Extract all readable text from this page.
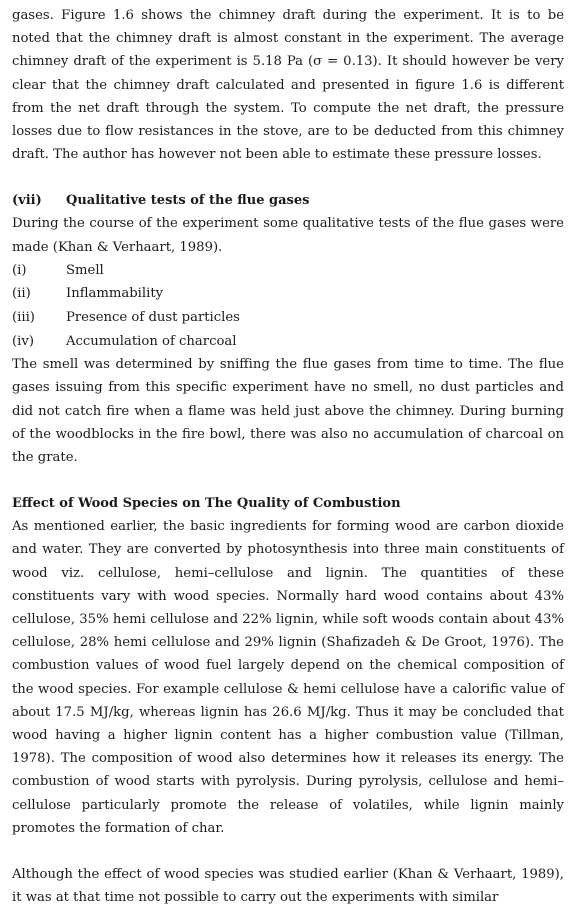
gases. Figure 1.6 shows the chimney draft during the experiment. It is to be noted that the chimney draft is almost constant in the experiment. The average chimney draft of the experiment is 5.18 Pa (σ = 0.13). It should however be very clear that the chimney draft calculated and presented in figure 1.6 is different from the net draft through the system. To compute the net draft, the pressure losses due to flow resistances in the stove, are to be deducted from this chimney draft. The author has however not been able to estimate these pressure losses.

(vii)	Qualitative tests of the flue gases

During the course of the experiment some qualitative tests of the flue gases were made (Khan & Verhaart, 1989).

(i)	Smell
(ii)	Inflammability
(iii)	Presence of dust particles
(iv)	Accumulation of charcoal

The smell was determined by sniffing the flue gases from time to time. The flue gases issuing from this specific experiment have no smell, no dust particles and did not catch fire when a flame was held just above the chimney. During burning of the woodblocks in the fire bowl, there was also no accumulation of charcoal on the grate.

Effect of Wood Species on The Quality of Combustion

As mentioned earlier, the basic ingredients for forming wood are carbon dioxide and water. They are converted by photosynthesis into three main constituents of wood viz. cellulose, hemi–cellulose and lignin. The quantities of these constituents vary with wood species. Normally hard wood contains about 43% cellulose, 35% hemi cellulose and 22% lignin, while soft woods contain about 43% cellulose, 28% hemi cellulose and 29% lignin (Shafizadeh & De Groot, 1976). The combustion values of wood fuel largely depend on the chemical composition of the wood species. For example cellulose & hemi cellulose have a calorific value of about 17.5 MJ/kg, whereas lignin has 26.6 MJ/kg. Thus it may be concluded that wood having a higher lignin content has a higher combustion value (Tillman, 1978). The composition of wood also determines how it releases its energy. The combustion of wood starts with pyrolysis. During pyrolysis, cellulose and hemi–cellulose particularly promote the release of volatiles, while lignin mainly promotes the formation of char.

Although the effect of wood species was studied earlier (Khan & Verhaart, 1989), it was at that time not possible to carry out the experiments with similar
